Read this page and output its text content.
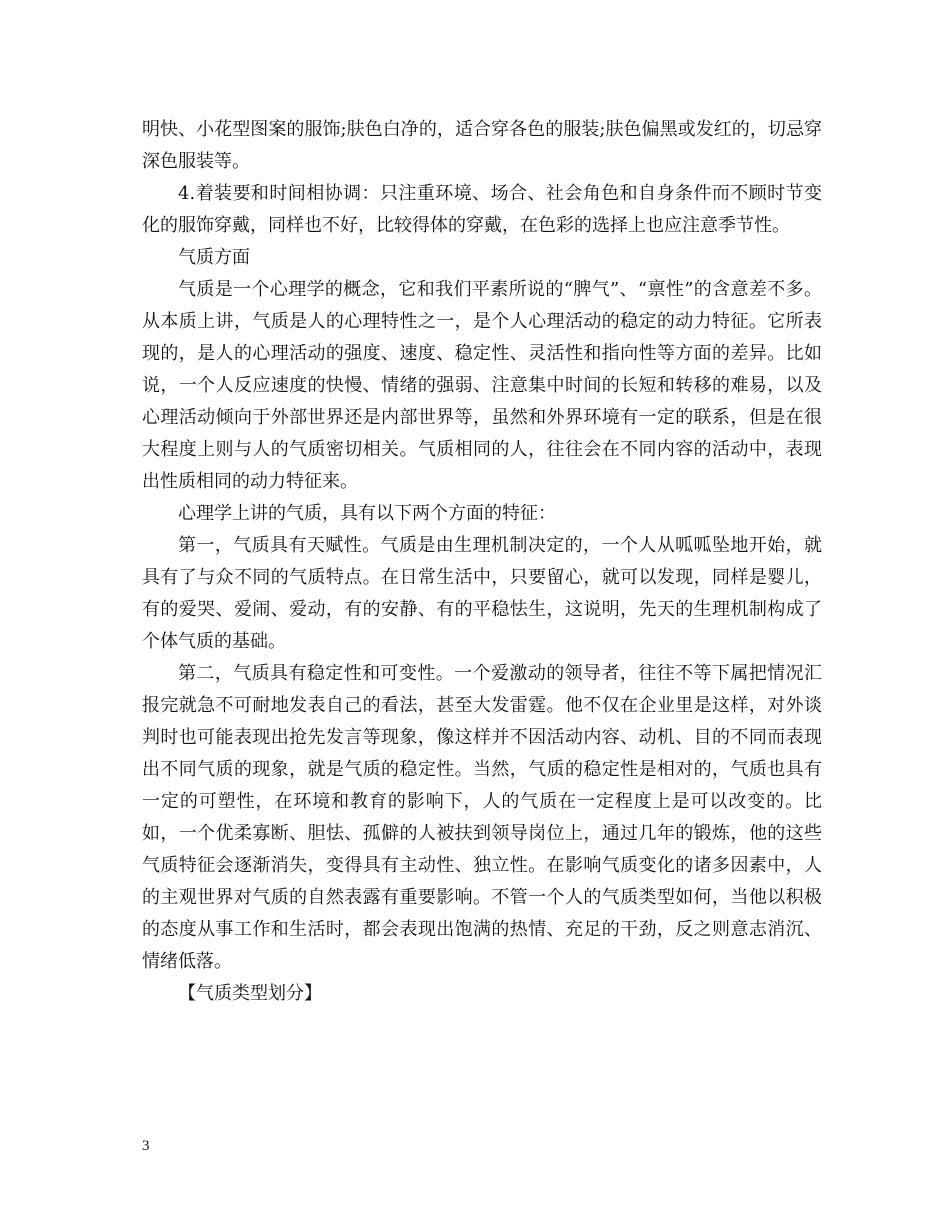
明快、小花型图案的服饰;肤色白净的，适合穿各色的服装;肤色偏黑或发红的，切忌穿深色服装等。

4.着装要和时间相协调：只注重环境、场合、社会角色和自身条件而不顾时节变化的服饰穿戴，同样也不好，比较得体的穿戴，在色彩的选择上也应注意季节性。

气质方面

气质是一个心理学的概念，它和我们平素所说的“脾气”、“禀性”的含意差不多。从本质上讲，气质是人的心理特性之一，是个人心理活动的稳定的动力特征。它所表现的，是人的心理活动的强度、速度、稳定性、灵活性和指向性等方面的差异。比如说，一个人反应速度的快慢、情绪的强弱、注意集中时间的长短和转移的难易，以及心理活动倾向于外部世界还是内部世界等，虽然和外界环境有一定的联系，但是在很大程度上则与人的气质密切相关。气质相同的人，往往会在不同内容的活动中，表现出性质相同的动力特征来。

心理学上讲的气质，具有以下两个方面的特征：

第一，气质具有天赋性。气质是由生理机制决定的，一个人从呱呱坠地开始，就具有了与众不同的气质特点。在日常生活中，只要留心，就可以发现，同样是婴儿，有的爱哭、爱闹、爱动，有的安静、有的平稳怯生，这说明，先天的生理机制构成了个体气质的基础。

第二，气质具有稳定性和可变性。一个爱激动的领导者，往往不等下属把情况汇报完就急不可耐地发表自己的看法，甚至大发雷霆。他不仅在企业里是这样，对外谈判时也可能表现出抢先发言等现象，像这样并不因活动内容、动机、目的不同而表现出不同气质的现象，就是气质的稳定性。当然，气质的稳定性是相对的，气质也具有一定的可塑性，在环境和教育的影响下，人的气质在一定程度上是可以改变的。比如，一个优柔寡断、胆怯、孤僻的人被扶到领导岗位上，通过几年的锻炼，他的这些气质特征会逐渐消失，变得具有主动性、独立性。在影响气质变化的诸多因素中，人的主观世界对气质的自然表露有重要影响。不管一个人的气质类型如何，当他以积极的态度从事工作和生活时，都会表现出饱满的热情、充足的干劲，反之则意志消沉、情绪低落。

【气质类型划分】

3
